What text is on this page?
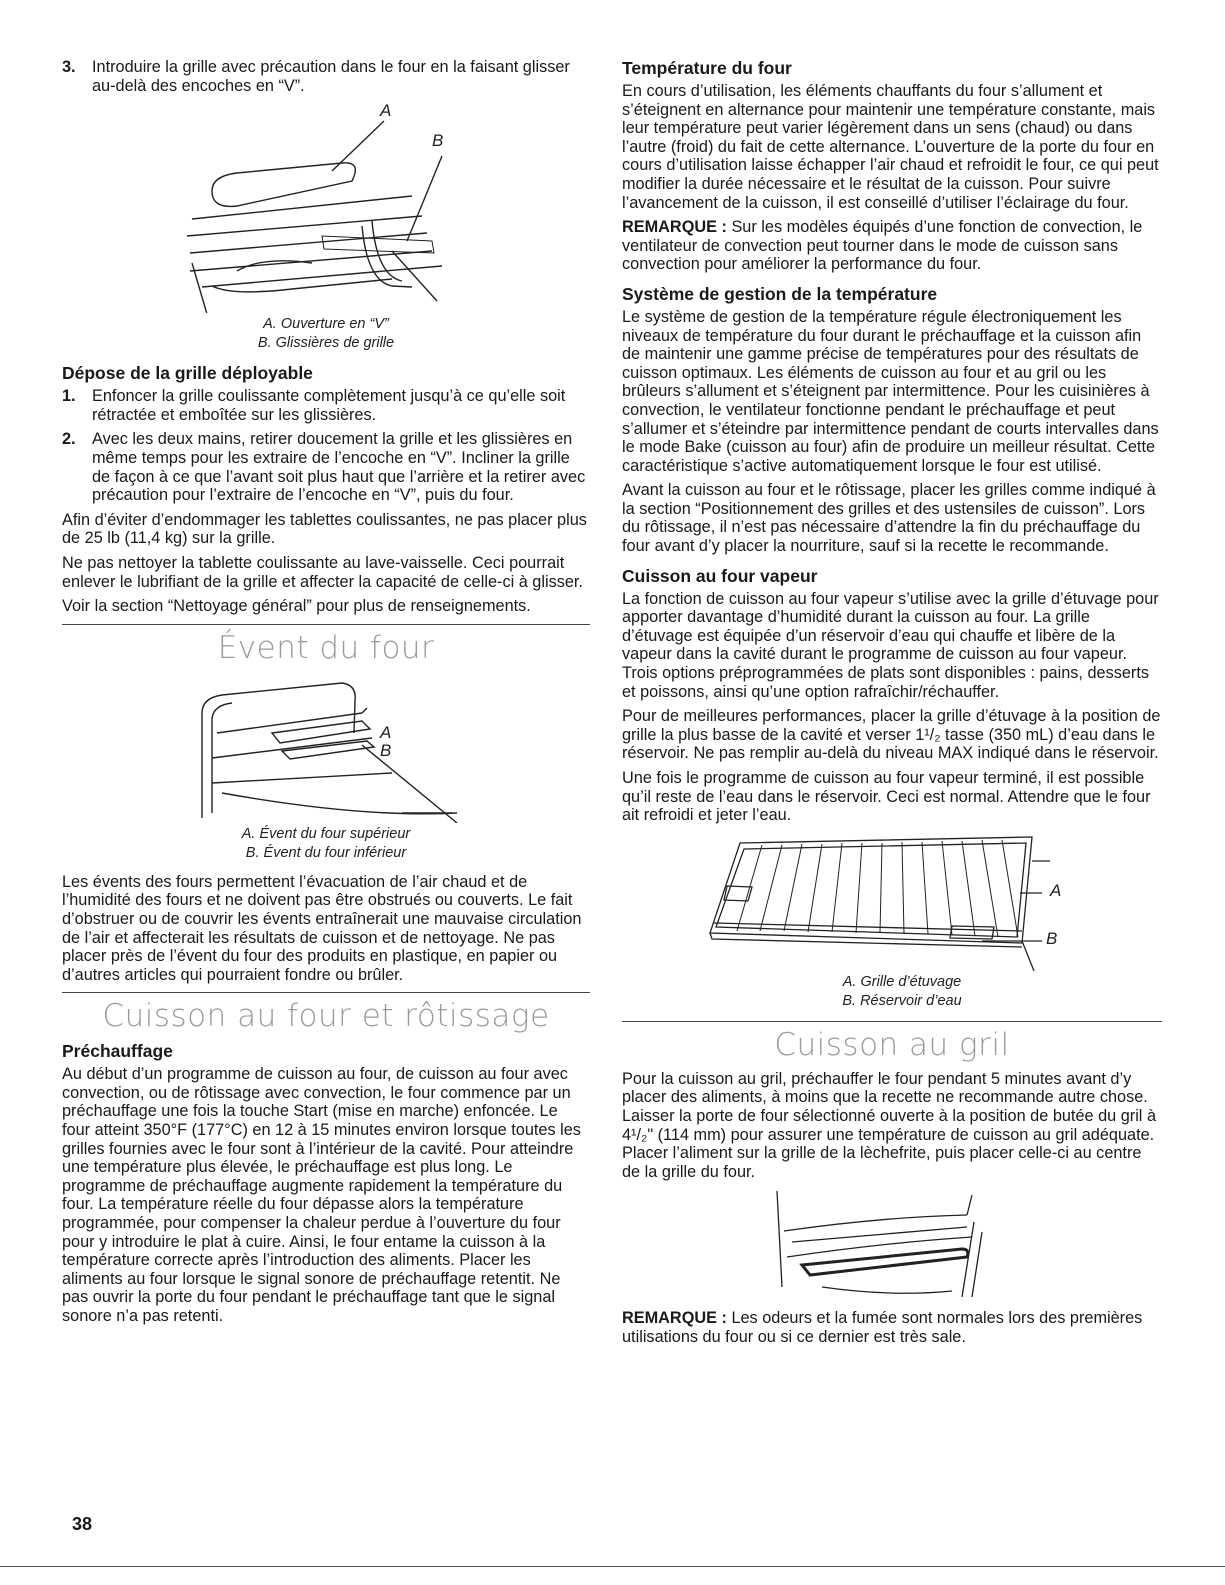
3. Introduire la grille avec précaution dans le four en la faisant glisser au-delà des encoches en “V”.
A
B
A. Ouverture en “V”
B. Glissières de grille
Dépose de la grille déployable
1. Enfoncer la grille coulissante complètement jusqu’à ce qu’elle soit rétractée et emboîtée sur les glissières.
2. Avec les deux mains, retirer doucement la grille et les glissières en même temps pour les extraire de l’encoche en “V”. Incliner la grille de façon à ce que l’avant soit plus haut que l’arrière et la retirer avec précaution pour l’extraire de l’encoche en “V”, puis du four.

Afin d’éviter d’endommager les tablettes coulissantes, ne pas placer plus de 25 lb (11,4 kg) sur la grille.

Ne pas nettoyer la tablette coulissante au lave-vaisselle. Ceci pourrait enlever le lubrifiant de la grille et affecter la capacité de celle-ci à glisser.

Voir la section “Nettoyage général” pour plus de renseignements.

Évent du four
A
B
A. Évent du four supérieur
B. Évent du four inférieur

Les évents des fours permettent l’évacuation de l’air chaud et de l’humidité des fours et ne doivent pas être obstrués ou couverts. Le fait d’obstruer ou de couvrir les évents entraînerait une mauvaise circulation de l’air et affecterait les résultats de cuisson et de nettoyage. Ne pas placer près de l’évent du four des produits en plastique, en papier ou d’autres articles qui pourraient fondre ou brûler.

Cuisson au four et rôtissage
Préchauffage

Au début d’un programme de cuisson au four, de cuisson au four avec convection, ou de rôtissage avec convection, le four commence par un préchauffage une fois la touche Start (mise en marche) enfoncée. Le four atteint 350°F (177°C) en 12 à 15 minutes environ lorsque toutes les grilles fournies avec le four sont à l’intérieur de la cavité. Pour atteindre une température plus élevée, le préchauffage est plus long. Le programme de préchauffage augmente rapidement la température du four. La température réelle du four dépasse alors la température programmée, pour compenser la chaleur perdue à l’ouverture du four pour y introduire le plat à cuire. Ainsi, le four entame la cuisson à la température correcte après l’introduction des aliments. Placer les aliments au four lorsque le signal sonore de préchauffage retentit. Ne pas ouvrir la porte du four pendant le préchauffage tant que le signal sonore n’a pas retenti.

Température du four

En cours d’utilisation, les éléments chauffants du four s’allument et s’éteignent en alternance pour maintenir une température constante, mais leur température peut varier légèrement dans un sens (chaud) ou dans l’autre (froid) du fait de cette alternance. L’ouverture de la porte du four en cours d’utilisation laisse échapper l’air chaud et refroidit le four, ce qui peut modifier la durée nécessaire et le résultat de la cuisson. Pour suivre l’avancement de la cuisson, il est conseillé d’utiliser l’éclairage du four.

REMARQUE : Sur les modèles équipés d’une fonction de convection, le ventilateur de convection peut tourner dans le mode de cuisson sans convection pour améliorer la performance du four.

Système de gestion de la température

Le système de gestion de la température régule électroniquement les niveaux de température du four durant le préchauffage et la cuisson afin de maintenir une gamme précise de températures pour des résultats de cuisson optimaux. Les éléments de cuisson au four et au gril ou les brûleurs s’allument et s’éteignent par intermittence. Pour les cuisinières à convection, le ventilateur fonctionne pendant le préchauffage et peut s’allumer et s’éteindre par intermittence pendant de courts intervalles dans le mode Bake (cuisson au four) afin de produire un meilleur résultat. Cette caractéristique s’active automatiquement lorsque le four est utilisé.

Avant la cuisson au four et le rôtissage, placer les grilles comme indiqué à la section “Positionnement des grilles et des ustensiles de cuisson”. Lors du rôtissage, il n’est pas nécessaire d’attendre la fin du préchauffage du four avant d’y placer la nourriture, sauf si la recette le recommande.

Cuisson au four vapeur

La fonction de cuisson au four vapeur s’utilise avec la grille d’étuvage pour apporter davantage d’humidité durant la cuisson au four. La grille d’étuvage est équipée d’un réservoir d’eau qui chauffe et libère de la vapeur dans la cavité durant le programme de cuisson au four vapeur. Trois options préprogrammées de plats sont disponibles : pains, desserts et poissons, ainsi qu’une option rafraîchir/réchauffer.

Pour de meilleures performances, placer la grille d’étuvage à la position de grille la plus basse de la cavité et verser 1¹/₂ tasse (350 mL) d’eau dans le réservoir. Ne pas remplir au-delà du niveau MAX indiqué dans le réservoir.

Une fois le programme de cuisson au four vapeur terminé, il est possible qu’il reste de l’eau dans le réservoir. Ceci est normal. Attendre que le four ait refroidi et jeter l’eau.

A
B
A. Grille d’étuvage
B. Réservoir d’eau
Cuisson au gril

Pour la cuisson au gril, préchauffer le four pendant 5 minutes avant d’y placer des aliments, à moins que la recette ne recommande autre chose. Laisser la porte de four sélectionné ouverte à la position de butée du gril à 4¹/₂" (114 mm) pour assurer une température de cuisson au gril adéquate. Placer l’aliment sur la grille de la lèchefrite, puis placer celle-ci au centre de la grille du four.

REMARQUE : Les odeurs et la fumée sont normales lors des premières utilisations du four ou si ce dernier est très sale.

38
